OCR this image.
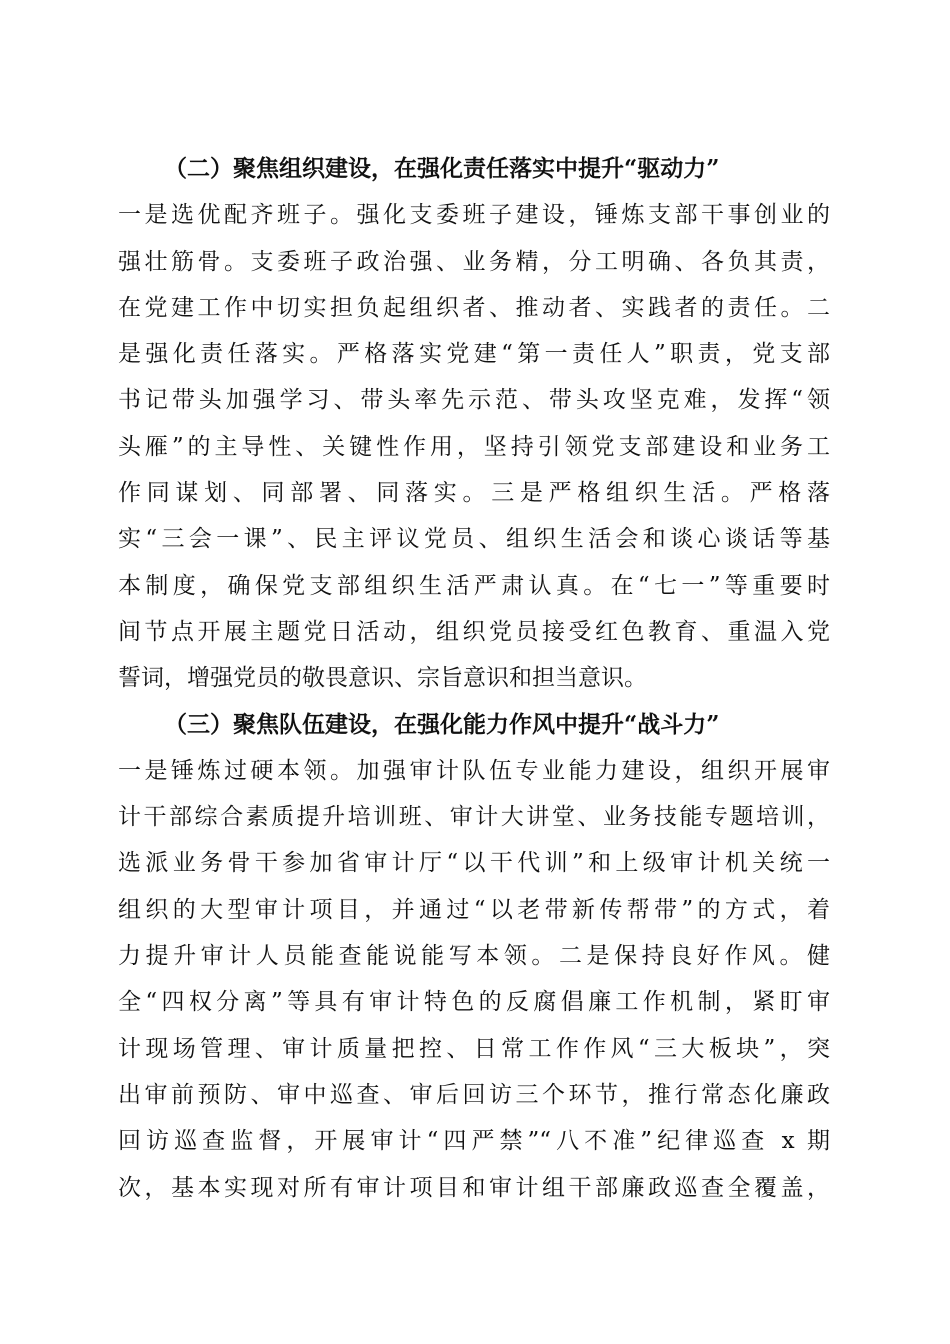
（二）聚焦组织建设，在强化责任落实中提升“驱动力”
一是选优配齐班子。强化支委班子建设，锤炼支部干事创业的
强壮筋骨。支委班子政治强、业务精，分工明确、各负其责，
在党建工作中切实担负起组织者、推动者、实践者的责任。二
是强化责任落实。严格落实党建“第一责任人”职责，党支部
书记带头加强学习、带头率先示范、带头攻坚克难，发挥“领
头雁”的主导性、关键性作用，坚持引领党支部建设和业务工
作同谋划、同部署、同落实。三是严格组织生活。严格落
实“三会一课”、民主评议党员、组织生活会和谈心谈话等基
本制度，确保党支部组织生活严肃认真。在“七一”等重要时
间节点开展主题党日活动，组织党员接受红色教育、重温入党
誓词，增强党员的敬畏意识、宗旨意识和担当意识。
（三）聚焦队伍建设，在强化能力作风中提升“战斗力”
一是锤炼过硬本领。加强审计队伍专业能力建设，组织开展审
计干部综合素质提升培训班、审计大讲堂、业务技能专题培训，
选派业务骨干参加省审计厅“以干代训”和上级审计机关统一
组织的大型审计项目，并通过“以老带新传帮带”的方式，着
力提升审计人员能查能说能写本领。二是保持良好作风。健
全“四权分离”等具有审计特色的反腐倡廉工作机制，紧盯审
计现场管理、审计质量把控、日常工作作风“三大板块”，突
出审前预防、审中巡查、审后回访三个环节，推行常态化廉政
回访巡查监督，开展审计“四严禁”“八不准”纪律巡查 x 期
次，基本实现对所有审计项目和审计组干部廉政巡查全覆盖，
